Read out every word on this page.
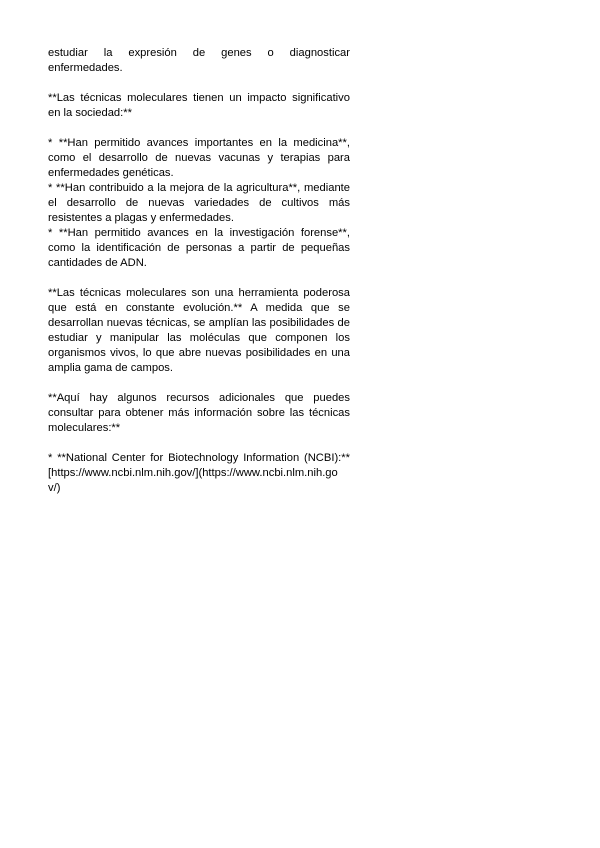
estudiar la expresión de genes o diagnosticar enfermedades.

**Las técnicas moleculares tienen un impacto significativo en la sociedad:**

* **Han permitido avances importantes en la medicina**, como el desarrollo de nuevas vacunas y terapias para enfermedades genéticas.

* **Han contribuido a la mejora de la agricultura**, mediante el desarrollo de nuevas variedades de cultivos más resistentes a plagas y enfermedades.

* **Han permitido avances en la investigación forense**, como la identificación de personas a partir de pequeñas cantidades de ADN.

**Las técnicas moleculares son una herramienta poderosa que está en constante evolución.** A medida que se desarrollan nuevas técnicas, se amplían las posibilidades de estudiar y manipular las moléculas que componen los organismos vivos, lo que abre nuevas posibilidades en una amplia gama de campos.

**Aquí hay algunos recursos adicionales que puedes consultar para obtener más información sobre las técnicas moleculares:**

* **National Center for Biotechnology Information (NCBI):** [https://www.ncbi.nlm.nih.gov/](https://www.ncbi.nlm.nih.gov/)
